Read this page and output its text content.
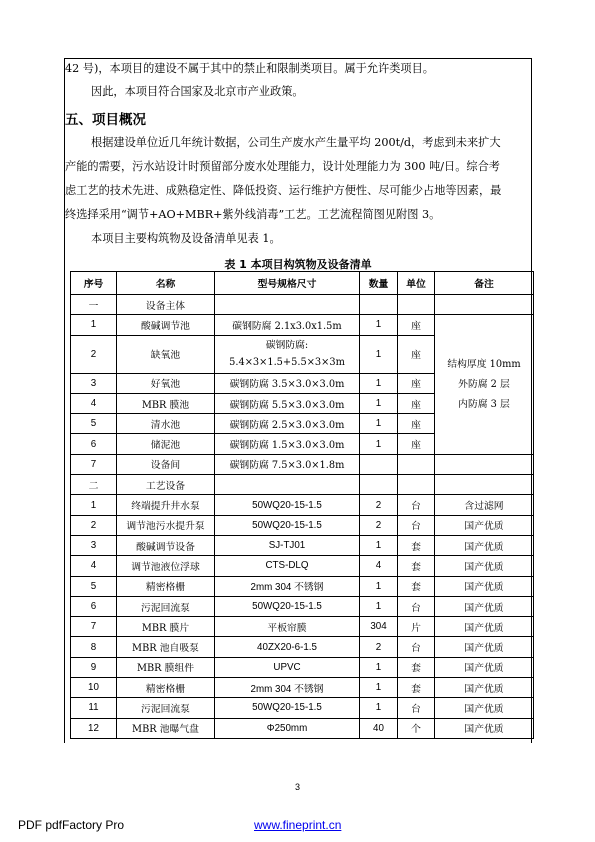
42 号)，本项目的建设不属于其中的禁止和限制类项目。属于允许类项目。
因此，本项目符合国家及北京市产业政策。
五、项目概况
根据建设单位近几年统计数据，公司生产废水产生量平均 200t/d，考虑到未来扩大
产能的需要，污水站设计时预留部分废水处理能力，设计处理能力为 300 吨/日。综合考
虑工艺的技术先进、成熟稳定性、降低投资、运行维护方便性、尽可能少占地等因素，最
终选择采用“调节+AO+MBR+紫外线消毒”工艺。工艺流程简图见附图 3。
本项目主要构筑物及设备清单见表 1。
表 1 本项目构筑物及设备清单
序号	名称	型号规格尺寸	数量	单位	备注
一	设备主体				
1	酸碱调节池	碳钢防腐 2.1x3.0x1.5m	1	座	结构厚度 10mm
外防腐 2 层
内防腐 3 层

2	缺氧池	碳钢防腐:
5.4×3×1.5+5.5×3×3m	1	座	
3	好氧池	碳钢防腐 3.5×3.0×3.0m	1	座	
4	MBR 膜池	碳钢防腐 5.5×3.0×3.0m	1	座	
5	清水池	碳钢防腐 2.5×3.0×3.0m	1	座	
6	储泥池	碳钢防腐 1.5×3.0×3.0m	1	座	
7	设备间	碳钢防腐 7.5×3.0×1.8m			
二	工艺设备				
1	终端提升井水泵	50WQ20-15-1.5	2	台	含过滤网
2	调节池污水提升泵	50WQ20-15-1.5	2	台	国产优质
3	酸碱调节设备	SJ-TJ01	1	套	国产优质
4	调节池液位浮球	CTS-DLQ	4	套	国产优质
5	精密格栅	2mm 304 不锈钢	1	套	国产优质
6	污泥回流泵	50WQ20-15-1.5	1	台	国产优质
7	MBR 膜片	平板帘膜	304	片	国产优质
8	MBR 池自吸泵	40ZX20-6-1.5	2	台	国产优质
9	MBR 膜组件	UPVC	1	套	国产优质
10	精密格栅	2mm 304 不锈钢	1	套	国产优质
11	污泥回流泵	50WQ20-15-1.5	1	台	国产优质
12	MBR 池曝气盘	Φ250mm	40	个	国产优质
3
PDF pdfFactory Pro	www.fineprint.cn
